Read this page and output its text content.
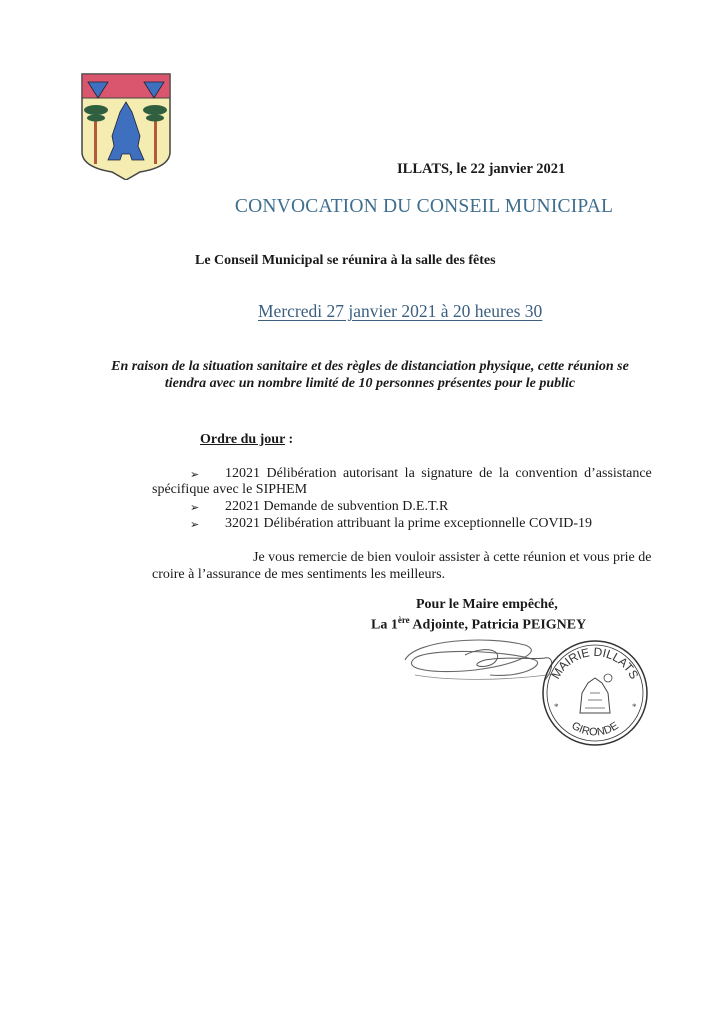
ILLATS, le 22 janvier 2021
CONVOCATION DU CONSEIL MUNICIPAL
Le Conseil Municipal se réunira à la salle des fêtes
Mercredi 27 janvier 2021 à 20 heures 30
En raison de la situation sanitaire et des règles de distanciation physique, cette réunion se tiendra avec un nombre limité de 10 personnes présentes pour le public
Ordre du jour :
➢ 12021 Délibération autorisant la signature de la convention d’assistance
spécifique avec le SIPHEM
➢ 22021 Demande de subvention D.E.T.R
➢ 32021 Délibération attribuant la prime exceptionnelle COVID-19
Je vous remercie de bien vouloir assister à cette réunion et vous prie de
croire à l’assurance de mes sentiments les meilleurs.
Pour le Maire empêché,
La 1ère Adjointe, Patricia PEIGNEY
MAIRIE DILLATS
GIRONDE
*	*
